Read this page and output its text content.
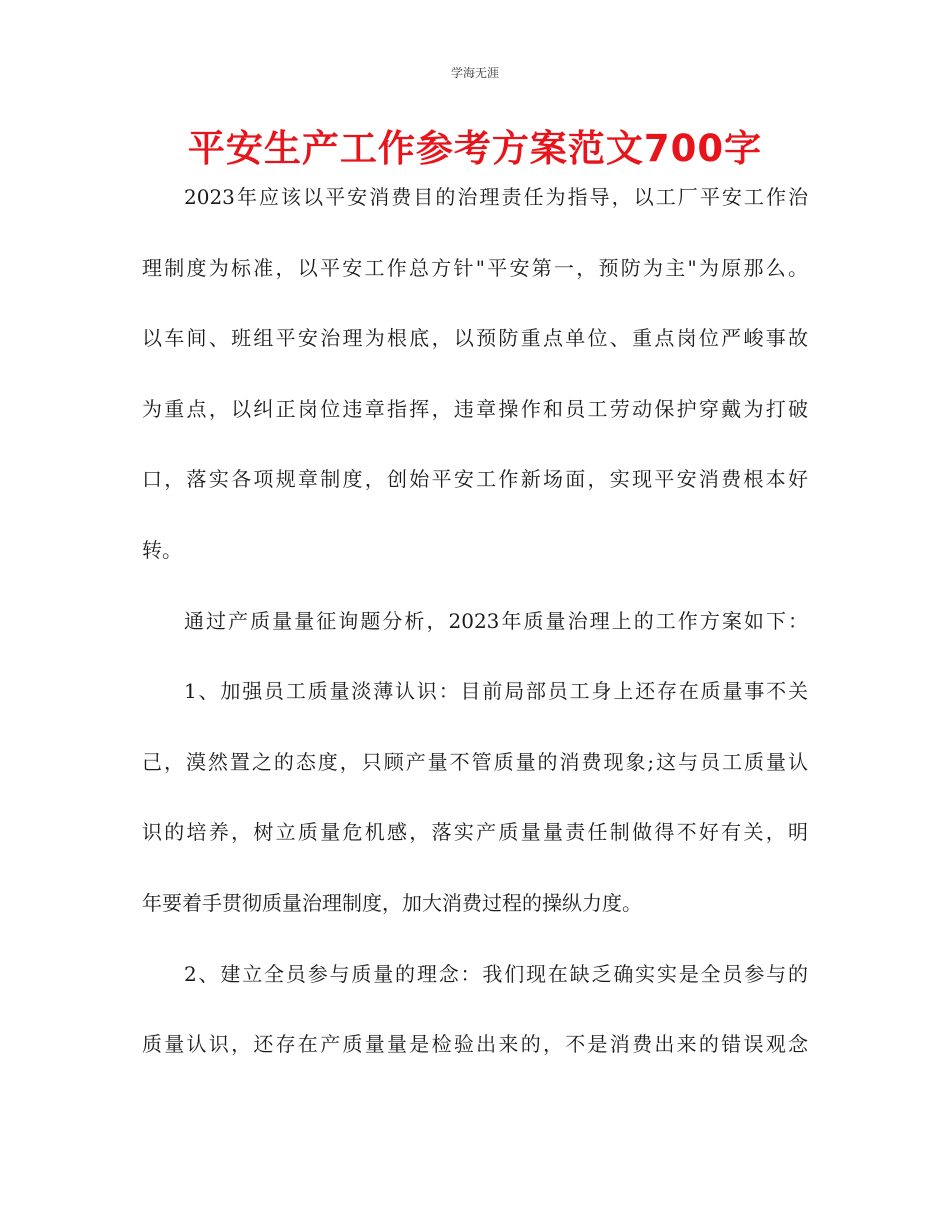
学海无涯
平安生产工作参考方案范文700字
2023年应该以平安消费目的治理责任为指导，以工厂平安工作治
理制度为标准，以平安工作总方针"平安第一，预防为主"为原那么。
以车间、班组平安治理为根底，以预防重点单位、重点岗位严峻事故
为重点，以纠正岗位违章指挥，违章操作和员工劳动保护穿戴为打破
口，落实各项规章制度，创始平安工作新场面，实现平安消费根本好
转。
通过产质量量征询题分析，2023年质量治理上的工作方案如下：
1、加强员工质量淡薄认识：目前局部员工身上还存在质量事不关
己，漠然置之的态度，只顾产量不管质量的消费现象;这与员工质量认
识的培养，树立质量危机感，落实产质量量责任制做得不好有关，明
年要着手贯彻质量治理制度，加大消费过程的操纵力度。
2、建立全员参与质量的理念：我们现在缺乏确实实是全员参与的
质量认识，还存在产质量量是检验出来的，不是消费出来的错误观念
